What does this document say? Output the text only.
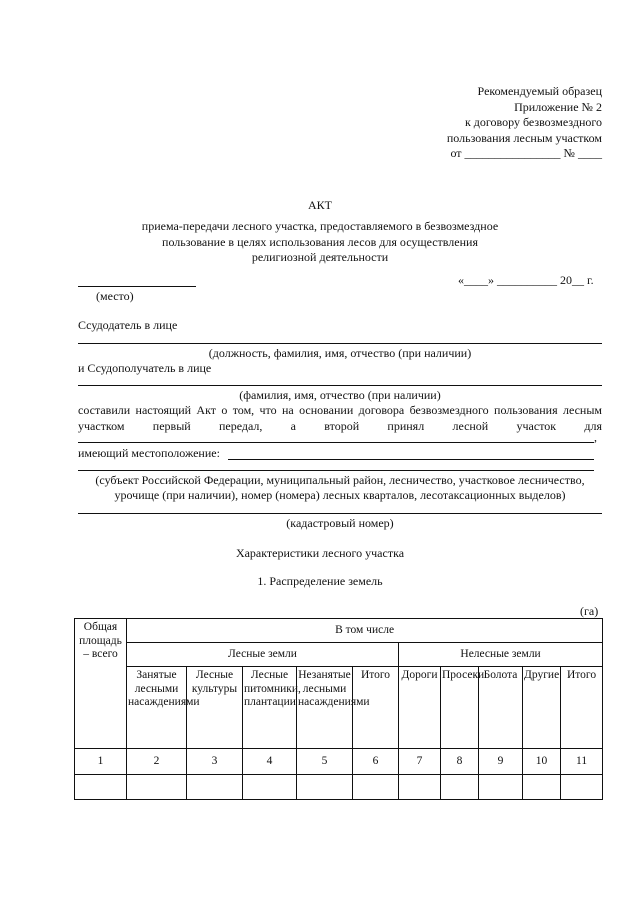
Рекомендуемый образец
Приложение № 2
к договору безвозмездного
пользования лесным участком
от ________________ № ____
АКТ
приема-передачи лесного участка, предоставляемого в безвозмездное
пользование в целях использования лесов для осуществления
религиозной деятельности
(место)
«____» __________ 20__ г.
Ссудодатель в лице
(должность, фамилия, имя, отчество (при наличии)
и Ссудополучатель в лице
(фамилия, имя, отчество (при наличии)
составили настоящий Акт о том, что на основании договора безвозмездного пользования лесным
участком первый передал, а второй принял лесной участок для
,
имеющий местоположение:
(субъект Российской Федерации, муниципальный район, лесничество, участковое лесничество,
урочище (при наличии), номер (номера) лесных кварталов, лесотаксационных выделов)
(кадастровый номер)
Характеристики лесного участка
1. Распределение земель
(га)
Общая площадь – всего	В том числе									
	Лесные земли					Нелесные земли				
	Занятые лесными насаждениями	Лесные культуры	Лесные питомники, плантации	Незанятые лесными насаждениями	Итого	Дороги	Просеки	Болота	Другие	Итого
1	2	3	4	5	6	7	8	9	10	11
